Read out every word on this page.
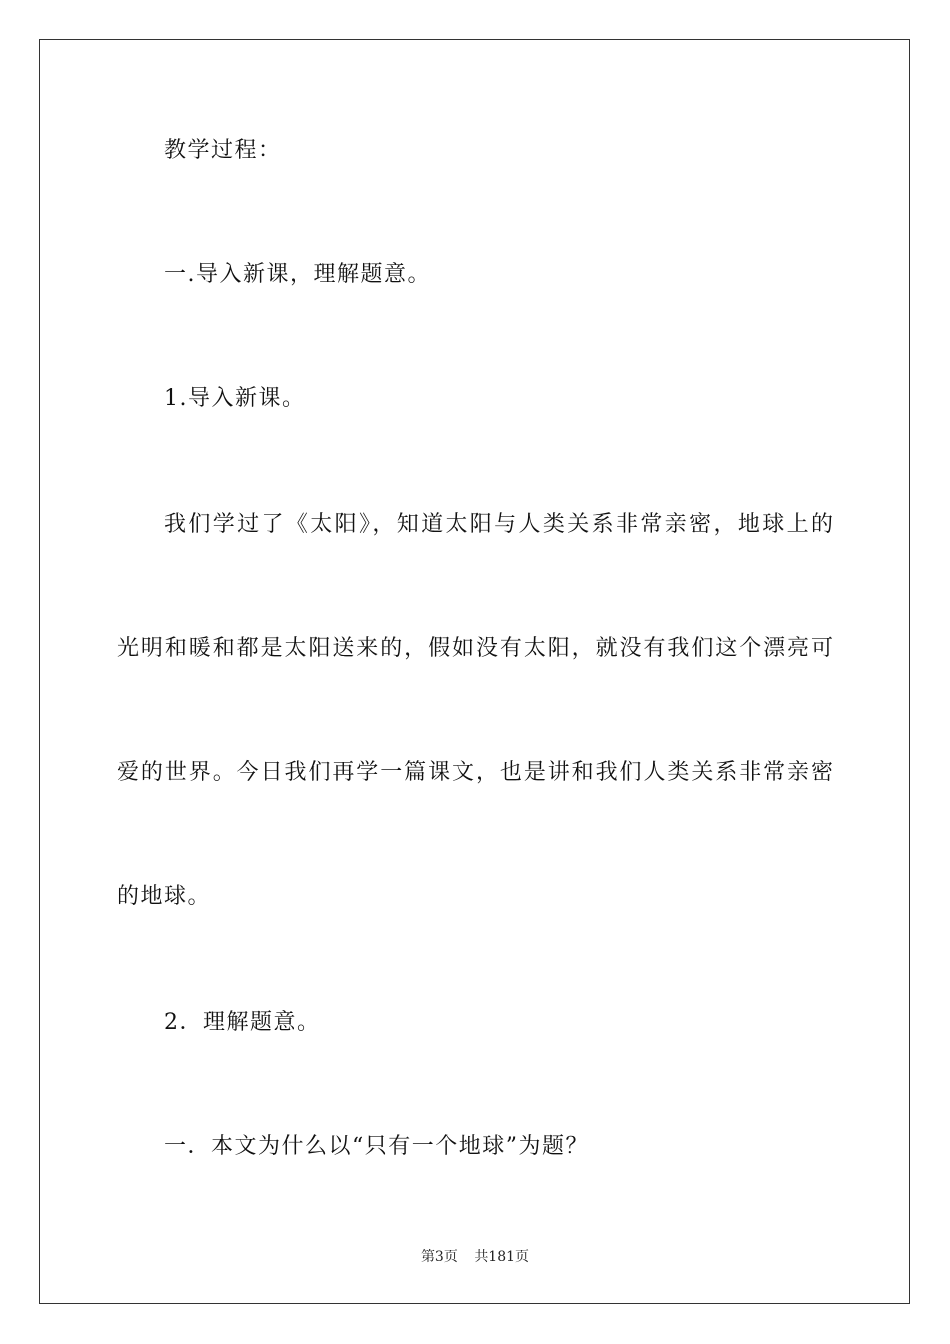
教学过程：
一.导入新课，理解题意。
1.导入新课。
我们学过了《太阳》，知道太阳与人类关系非常亲密，地球上的
光明和暖和都是太阳送来的，假如没有太阳，就没有我们这个漂亮可
爱的世界。今日我们再学一篇课文，也是讲和我们人类关系非常亲密
的地球。
2．理解题意。
一．本文为什么以“只有一个地球”为题？
第3页 共181页
